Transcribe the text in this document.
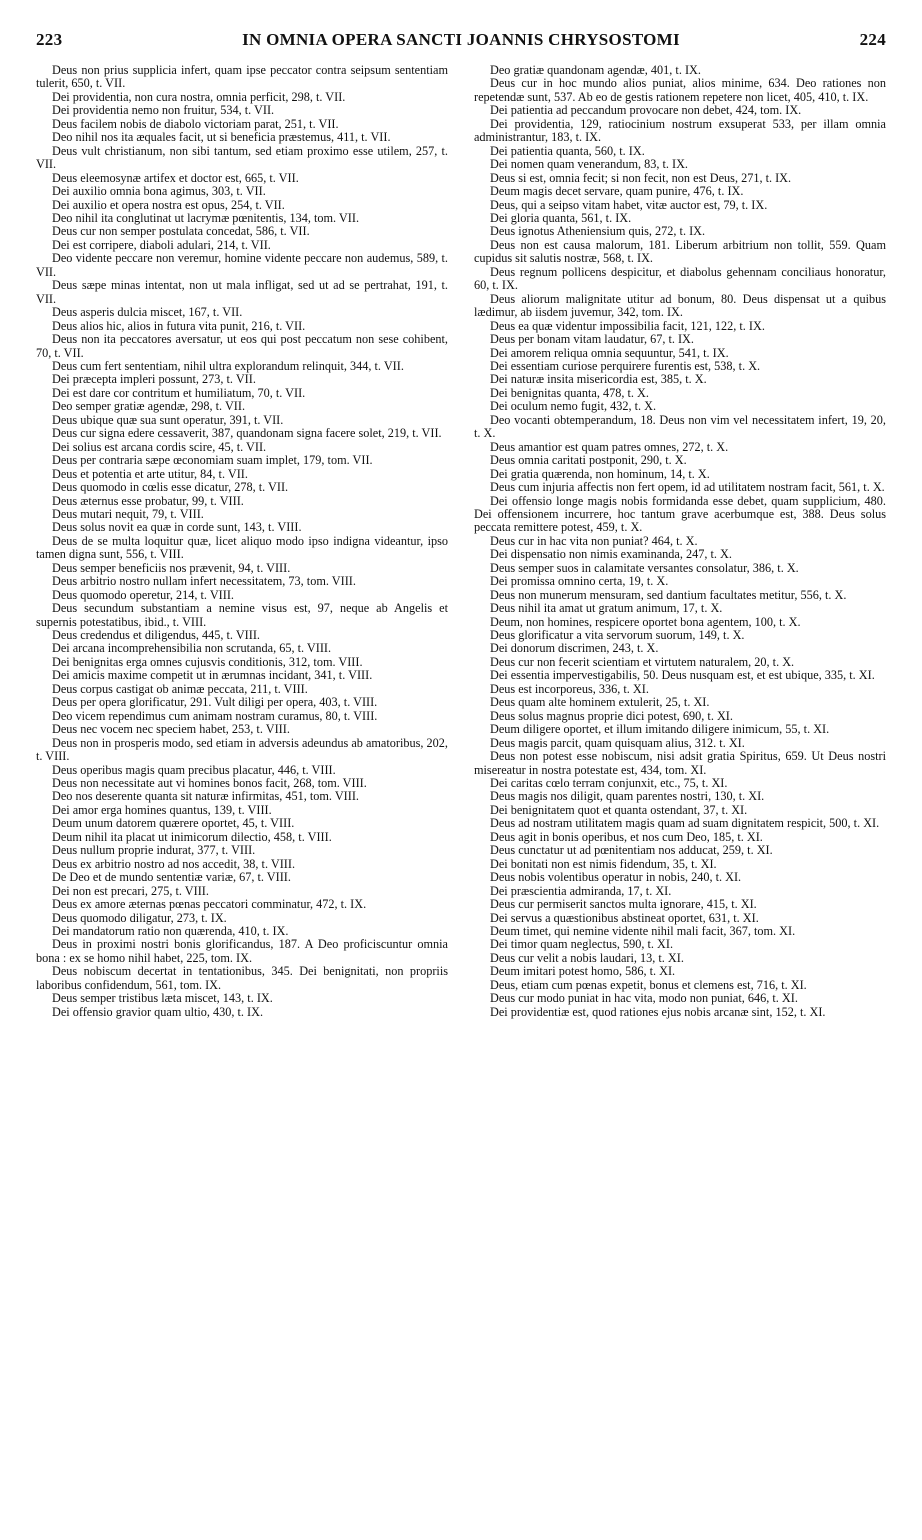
223	IN OMNIA OPERA SANCTI JOANNIS CHRYSOSTOMI	224

Deus non prius supplicia infert, quam ipse peccator contra seipsum sententiam tulerit, 650, t. VII.

Dei providentia, non cura nostra, omnia perficit, 298, t. VII.

Dei providentia nemo non fruitur, 534, t. VII.

Deus facilem nobis de diabolo victoriam parat, 251, t. VII.

Deo nihil nos ita æquales facit, ut si beneficia præstemus, 411, t. VII.

Deus vult christianum, non sibi tantum, sed etiam proximo esse utilem, 257, t. VII.

Deus eleemosynæ artifex et doctor est, 665, t. VII.

Dei auxilio omnia bona agimus, 303, t. VII.

Dei auxilio et opera nostra est opus, 254, t. VII.

Deo nihil ita conglutinat ut lacrymæ pœnitentis, 134, tom. VII.

Deus cur non semper postulata concedat, 586, t. VII.

Dei est corripere, diaboli adulari, 214, t. VII.

Deo vidente peccare non veremur, homine vidente peccare non audemus, 589, t. VII.

Deus sæpe minas intentat, non ut mala infligat, sed ut ad se pertrahat, 191, t. VII.

Deus asperis dulcia miscet, 167, t. VII.

Deus alios hic, alios in futura vita punit, 216, t. VII.

Deus non ita peccatores aversatur, ut eos qui post peccatum non sese cohibent, 70, t. VII.

Deus cum fert sententiam, nihil ultra explorandum relinquit, 344, t. VII.

Dei præcepta impleri possunt, 273, t. VII.

Dei est dare cor contritum et humiliatum, 70, t. VII.

Deo semper gratiæ agendæ, 298, t. VII.

Deus ubique quæ sua sunt operatur, 391, t. VII.

Deus cur signa edere cessaverit, 387, quandonam signa facere solet, 219, t. VII.

Dei solius est arcana cordis scire, 45, t. VII.

Deus per contraria sæpe œconomiam suam implet, 179, tom. VII.

Deus et potentia et arte utitur, 84, t. VII.

Deus quomodo in cœlis esse dicatur, 278, t. VII.

Deus æternus esse probatur, 99, t. VIII.

Deus mutari nequit, 79, t. VIII.

Deus solus novit ea quæ in corde sunt, 143, t. VIII.

Deus de se multa loquitur quæ, licet aliquo modo ipso indigna videantur, ipso tamen digna sunt, 556, t. VIII.

Deus semper beneficiis nos prævenit, 94, t. VIII.

Deus arbitrio nostro nullam infert necessitatem, 73, tom. VIII.

Deus quomodo operetur, 214, t. VIII.

Deus secundum substantiam a nemine visus est, 97, neque ab Angelis et supernis potestatibus, ibid., t. VIII.

Deus credendus et diligendus, 445, t. VIII.

Dei arcana incomprehensibilia non scrutanda, 65, t. VIII.

Dei benignitas erga omnes cujusvis conditionis, 312, tom. VIII.

Dei amicis maxime competit ut in ærumnas incidant, 341, t. VIII.

Deus corpus castigat ob animæ peccata, 211, t. VIII.

Deus per opera glorificatur, 291. Vult diligi per opera, 403, t. VIII.

Deo vicem rependimus cum animam nostram curamus, 80, t. VIII.

Deus nec vocem nec speciem habet, 253, t. VIII.

Deus non in prosperis modo, sed etiam in adversis adeundus ab amatoribus, 202, t. VIII.

Deus operibus magis quam precibus placatur, 446, t. VIII.

Deus non necessitate aut vi homines bonos facit, 268, tom. VIII.

Deo nos deserente quanta sit naturæ infirmitas, 451, tom. VIII.

Dei amor erga homines quantus, 139, t. VIII.

Deum unum datorem quærere oportet, 45, t. VIII.

Deum nihil ita placat ut inimicorum dilectio, 458, t. VIII.

Deus nullum proprie indurat, 377, t. VIII.

Deus ex arbitrio nostro ad nos accedit, 38, t. VIII.

De Deo et de mundo sententiæ variæ, 67, t. VIII.

Dei non est precari, 275, t. VIII.

Deus ex amore æternas pœnas peccatori comminatur, 472, t. IX.

Deus quomodo diligatur, 273, t. IX.

Dei mandatorum ratio non quærenda, 410, t. IX.

Deus in proximi nostri bonis glorificandus, 187. A Deo proficiscuntur omnia bona : ex se homo nihil habet, 225, tom. IX.

Deus nobiscum decertat in tentationibus, 345. Dei benignitati, non propriis laboribus confidendum, 561, tom. IX.

Deus semper tristibus læta miscet, 143, t. IX.

Dei offensio gravior quam ultio, 430, t. IX.

Deo gratiæ quandonam agendæ, 401, t. IX.

Deus cur in hoc mundo alios puniat, alios minime, 634. Deo rationes non repetendæ sunt, 537. Ab eo de gestis rationem repetere non licet, 405, 410, t. IX.

Dei patientia ad peccandum provocare non debet, 424, tom. IX.

Dei providentia, 129, ratiocinium nostrum exsuperat 533, per illam omnia administrantur, 183, t. IX.

Dei patientia quanta, 560, t. IX.

Dei nomen quam venerandum, 83, t. IX.

Deus si est, omnia fecit; si non fecit, non est Deus, 271, t. IX.

Deum magis decet servare, quam punire, 476, t. IX.

Deus, qui a seipso vitam habet, vitæ auctor est, 79, t. IX.

Dei gloria quanta, 561, t. IX.

Deus ignotus Atheniensium quis, 272, t. IX.

Deus non est causa malorum, 181. Liberum arbitrium non tollit, 559. Quam cupidus sit salutis nostræ, 568, t. IX.

Deus regnum pollicens despicitur, et diabolus gehennam conciliaus honoratur, 60, t. IX.

Deus aliorum malignitate utitur ad bonum, 80. Deus dispensat ut a quibus lædimur, ab iisdem juvemur, 342, tom. IX.

Deus ea quæ videntur impossibilia facit, 121, 122, t. IX.

Deus per bonam vitam laudatur, 67, t. IX.

Dei amorem reliqua omnia sequuntur, 541, t. IX.

Dei essentiam curiose perquirere furentis est, 538, t. X.

Dei naturæ insita misericordia est, 385, t. X.

Dei benignitas quanta, 478, t. X.

Dei oculum nemo fugit, 432, t. X.

Deo vocanti obtemperandum, 18. Deus non vim vel necessitatem infert, 19, 20, t. X.

Deus amantior est quam patres omnes, 272, t. X.

Deus omnia caritati postponit, 290, t. X.

Dei gratia quærenda, non hominum, 14, t. X.

Deus cum injuria affectis non fert opem, id ad utilitatem nostram facit, 561, t. X.

Dei offensio longe magis nobis formidanda esse debet, quam supplicium, 480. Dei offensionem incurrere, hoc tantum grave acerbumque est, 388. Deus solus peccata remittere potest, 459, t. X.

Deus cur in hac vita non puniat? 464, t. X.

Dei dispensatio non nimis examinanda, 247, t. X.

Deus semper suos in calamitate versantes consolatur, 386, t. X.

Dei promissa omnino certa, 19, t. X.

Deus non munerum mensuram, sed dantium facultates metitur, 556, t. X.

Deus nihil ita amat ut gratum animum, 17, t. X.

Deum, non homines, respicere oportet bona agentem, 100, t. X.

Deus glorificatur a vita servorum suorum, 149, t. X.

Dei donorum discrimen, 243, t. X.

Deus cur non fecerit scientiam et virtutem naturalem, 20, t. X.

Dei essentia impervestigabilis, 50. Deus nusquam est, et est ubique, 335, t. XI.

Deus est incorporeus, 336, t. XI.

Deus quam alte hominem extulerit, 25, t. XI.

Deus solus magnus proprie dici potest, 690, t. XI.

Deum diligere oportet, et illum imitando diligere inimicum, 55, t. XI.

Deus magis parcit, quam quisquam alius, 312. t. XI.

Deus non potest esse nobiscum, nisi adsit gratia Spiritus, 659. Ut Deus nostri misereatur in nostra potestate est, 434, tom. XI.

Dei caritas cœlo terram conjunxit, etc., 75, t. XI.

Deus magis nos diligit, quam parentes nostri, 130, t. XI.

Dei benignitatem quot et quanta ostendant, 37, t. XI.

Deus ad nostram utilitatem magis quam ad suam dignitatem respicit, 500, t. XI.

Deus agit in bonis operibus, et nos cum Deo, 185, t. XI.

Deus cunctatur ut ad pœnitentiam nos adducat, 259, t. XI.

Dei bonitati non est nimis fidendum, 35, t. XI.

Deus nobis volentibus operatur in nobis, 240, t. XI.

Dei præscientia admiranda, 17, t. XI.

Deus cur permiserit sanctos multa ignorare, 415, t. XI.

Dei servus a quæstionibus abstineat oportet, 631, t. XI.

Deum timet, qui nemine vidente nihil mali facit, 367, tom. XI.

Dei timor quam neglectus, 590, t. XI.

Deus cur velit a nobis laudari, 13, t. XI.

Deum imitari potest homo, 586, t. XI.

Deus, etiam cum pœnas expetit, bonus et clemens est, 716, t. XI.

Deus cur modo puniat in hac vita, modo non puniat, 646, t. XI.

Dei providentiæ est, quod rationes ejus nobis arcanæ sint, 152, t. XI.
